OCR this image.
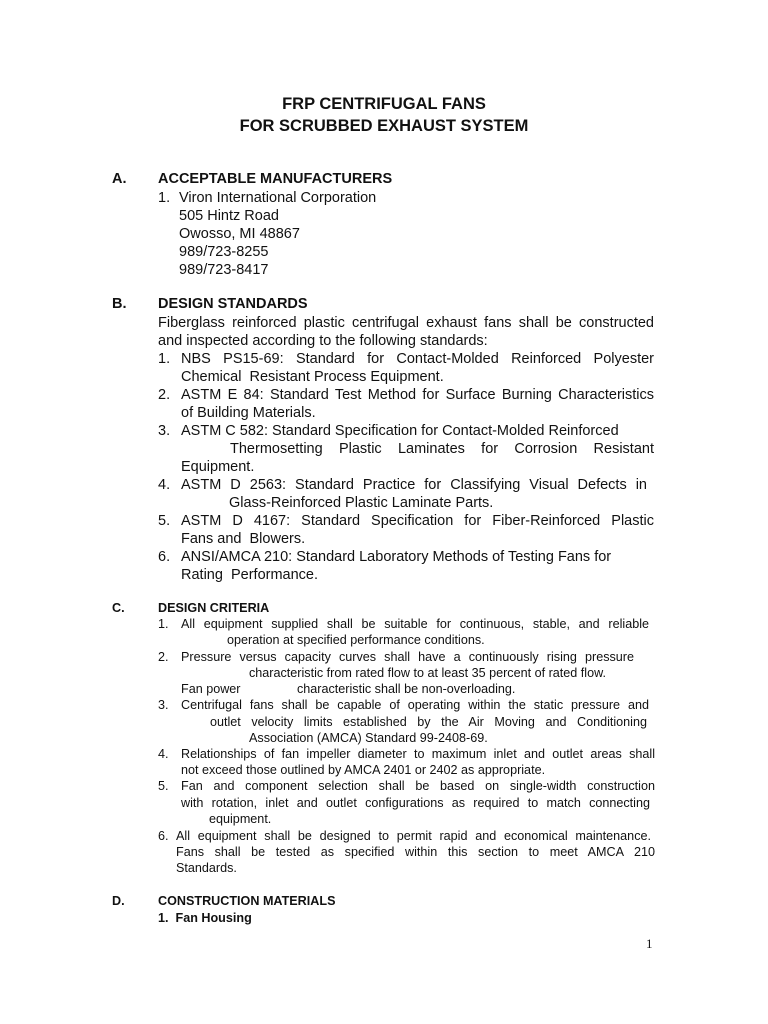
FRP CENTRIFUGAL FANS
FOR SCRUBBED EXHAUST SYSTEM
A. ACCEPTABLE MANUFACTURERS
1. Viron International Corporation
505 Hintz Road
Owosso, MI 48867
989/723-8255
989/723-8417
B. DESIGN STANDARDS
Fiberglass reinforced plastic centrifugal exhaust fans shall be constructed
and inspected according to the following standards:
1. NBS PS15-69: Standard for Contact-Molded Reinforced Polyester
Chemical  Resistant Process Equipment.
2. ASTM E 84: Standard Test Method for Surface Burning Characteristics
of Building Materials.
3. ASTM C 582: Standard Specification for Contact-Molded Reinforced
Thermosetting Plastic Laminates for Corrosion Resistant
Equipment.
4. ASTM D 2563: Standard Practice for Classifying Visual Defects in
Glass-Reinforced Plastic Laminate Parts.
5. ASTM D 4167: Standard Specification for Fiber-Reinforced Plastic
Fans and  Blowers.
6. ANSI/AMCA 210: Standard Laboratory Methods of Testing Fans for
Rating  Performance.
C.	DESIGN CRITERIA
1. All equipment supplied shall be suitable for continuous, stable, and reliable
operation at specified performance conditions.
2. Pressure versus capacity curves shall have a continuously rising pressure
characteristic from rated flow to at least 35 percent of rated flow.
Fan power	characteristic shall be non-overloading.
3. Centrifugal fans shall be capable of operating within the static pressure and
outlet velocity limits established by the Air Moving and Conditioning
Association (AMCA) Standard 99-2408-69.
4. Relationships of fan impeller diameter to maximum inlet and outlet areas shall
not exceed those outlined by AMCA 2401 or 2402 as appropriate.
5. Fan and component selection shall be based on single-width construction
with rotation, inlet and outlet configurations as required to match connecting
equipment.
6. All equipment shall be designed to permit rapid and economical maintenance.
Fans shall be tested as specified within this section to meet AMCA 210
Standards.
D.	CONSTRUCTION MATERIALS
1.  Fan Housing
1
